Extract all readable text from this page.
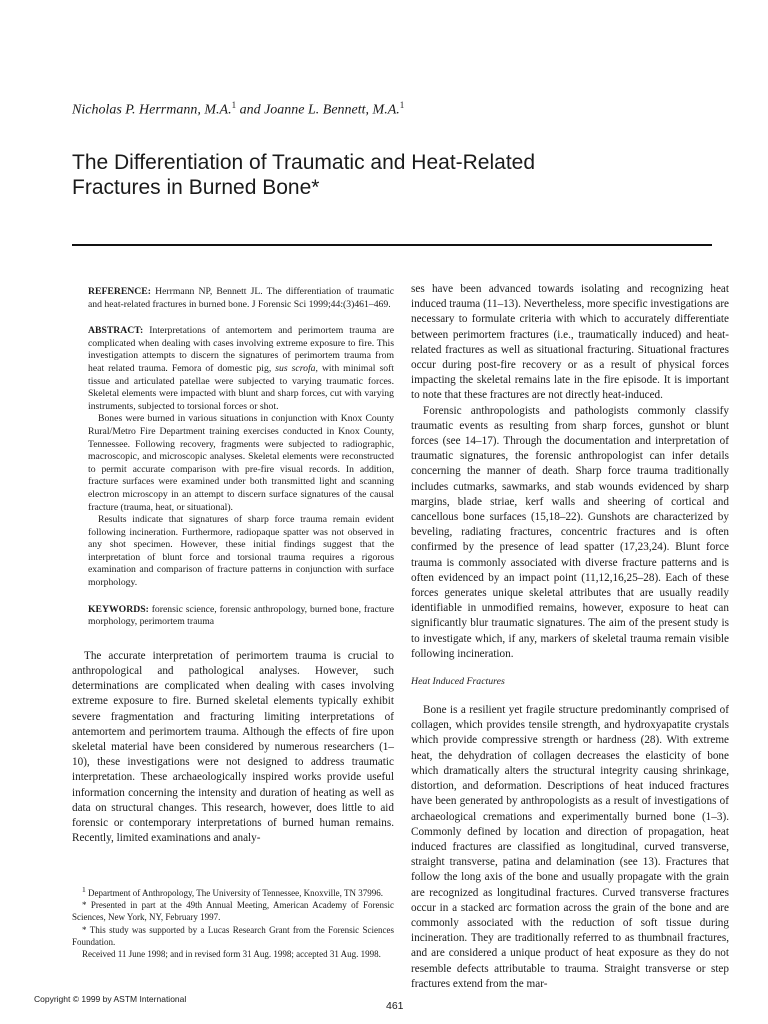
Nicholas P. Herrmann, M.A.$^1$ and Joanne L. Bennett, M.A.$^1$
The Differentiation of Traumatic and Heat-Related
Fractures in Burned Bone*

REFERENCE: Herrmann NP, Bennett JL. The differentiation of traumatic and heat-related fractures in burned bone. J Forensic Sci 1999;44:(3)461–469.

ABSTRACT: Interpretations of antemortem and perimortem trauma are complicated when dealing with cases involving extreme exposure to fire. This investigation attempts to discern the signatures of perimortem trauma from heat related trauma. Femora of domestic pig, sus scrofa, with minimal soft tissue and articulated patellae were subjected to varying traumatic forces. Skeletal elements were impacted with blunt and sharp forces, cut with varying instruments, subjected to torsional forces or shot.

Bones were burned in various situations in conjunction with Knox County Rural/Metro Fire Department training exercises conducted in Knox County, Tennessee. Following recovery, fragments were subjected to radiographic, macroscopic, and microscopic analyses. Skeletal elements were reconstructed to permit accurate comparison with pre-fire visual records. In addition, fracture surfaces were examined under both transmitted light and scanning electron microscopy in an attempt to discern surface signatures of the causal fracture (trauma, heat, or situational).

Results indicate that signatures of sharp force trauma remain evident following incineration. Furthermore, radiopaque spatter was not observed in any shot specimen. However, these initial findings suggest that the interpretation of blunt force and torsional trauma requires a rigorous examination and comparison of fracture patterns in conjunction with surface morphology.

KEYWORDS: forensic science, forensic anthropology, burned bone, fracture morphology, perimortem trauma

The accurate interpretation of perimortem trauma is crucial to anthropological and pathological analyses. However, such determinations are complicated when dealing with cases involving extreme exposure to fire. Burned skeletal elements typically exhibit severe fragmentation and fracturing limiting interpretations of antemortem and perimortem trauma. Although the effects of fire upon skeletal material have been considered by numerous researchers (1–10), these investigations were not designed to address traumatic interpretation. These archaeologically inspired works provide useful information concerning the intensity and duration of heating as well as data on structural changes. This research, however, does little to aid forensic or contemporary interpretations of burned human remains. Recently, limited examinations and analy-

$^1$ Department of Anthropology, The University of Tennessee, Knoxville, TN 37996.

* Presented in part at the 49th Annual Meeting, American Academy of Forensic Sciences, New York, NY, February 1997.

* This study was supported by a Lucas Research Grant from the Forensic Sciences Foundation.

Received 11 June 1998; and in revised form 31 Aug. 1998; accepted 31 Aug. 1998.

ses have been advanced towards isolating and recognizing heat induced trauma (11–13). Nevertheless, more specific investigations are necessary to formulate criteria with which to accurately differentiate between perimortem fractures (i.e., traumatically induced) and heat-related fractures as well as situational fracturing. Situational fractures occur during post-fire recovery or as a result of physical forces impacting the skeletal remains late in the fire episode. It is important to note that these fractures are not directly heat-induced.

Forensic anthropologists and pathologists commonly classify traumatic events as resulting from sharp forces, gunshot or blunt forces (see 14–17). Through the documentation and interpretation of traumatic signatures, the forensic anthropologist can infer details concerning the manner of death. Sharp force trauma traditionally includes cutmarks, sawmarks, and stab wounds evidenced by sharp margins, blade striae, kerf walls and sheering of cortical and cancellous bone surfaces (15,18–22). Gunshots are characterized by beveling, radiating fractures, concentric fractures and is often confirmed by the presence of lead spatter (17,23,24). Blunt force trauma is commonly associated with diverse fracture patterns and is often evidenced by an impact point (11,12,16,25–28). Each of these forces generates unique skeletal attributes that are usually readily identifiable in unmodified remains, however, exposure to heat can significantly blur traumatic signatures. The aim of the present study is to investigate which, if any, markers of skeletal trauma remain visible following incineration.

Heat Induced Fractures

Bone is a resilient yet fragile structure predominantly comprised of collagen, which provides tensile strength, and hydroxyapatite crystals which provide compressive strength or hardness (28). With extreme heat, the dehydration of collagen decreases the elasticity of bone which dramatically alters the structural integrity causing shrinkage, distortion, and deformation. Descriptions of heat induced fractures have been generated by anthropologists as a result of investigations of archaeological cremations and experimentally burned bone (1–3). Commonly defined by location and direction of propagation, heat induced fractures are classified as longitudinal, curved transverse, straight transverse, patina and delamination (see 13). Fractures that follow the long axis of the bone and usually propagate with the grain are recognized as longitudinal fractures. Curved transverse fractures occur in a stacked arc formation across the grain of the bone and are commonly associated with the reduction of soft tissue during incineration. They are traditionally referred to as thumbnail fractures, and are considered a unique product of heat exposure as they do not resemble defects attributable to trauma. Straight transverse or step fractures extend from the mar-

Copyright © 1999 by ASTM International
461
